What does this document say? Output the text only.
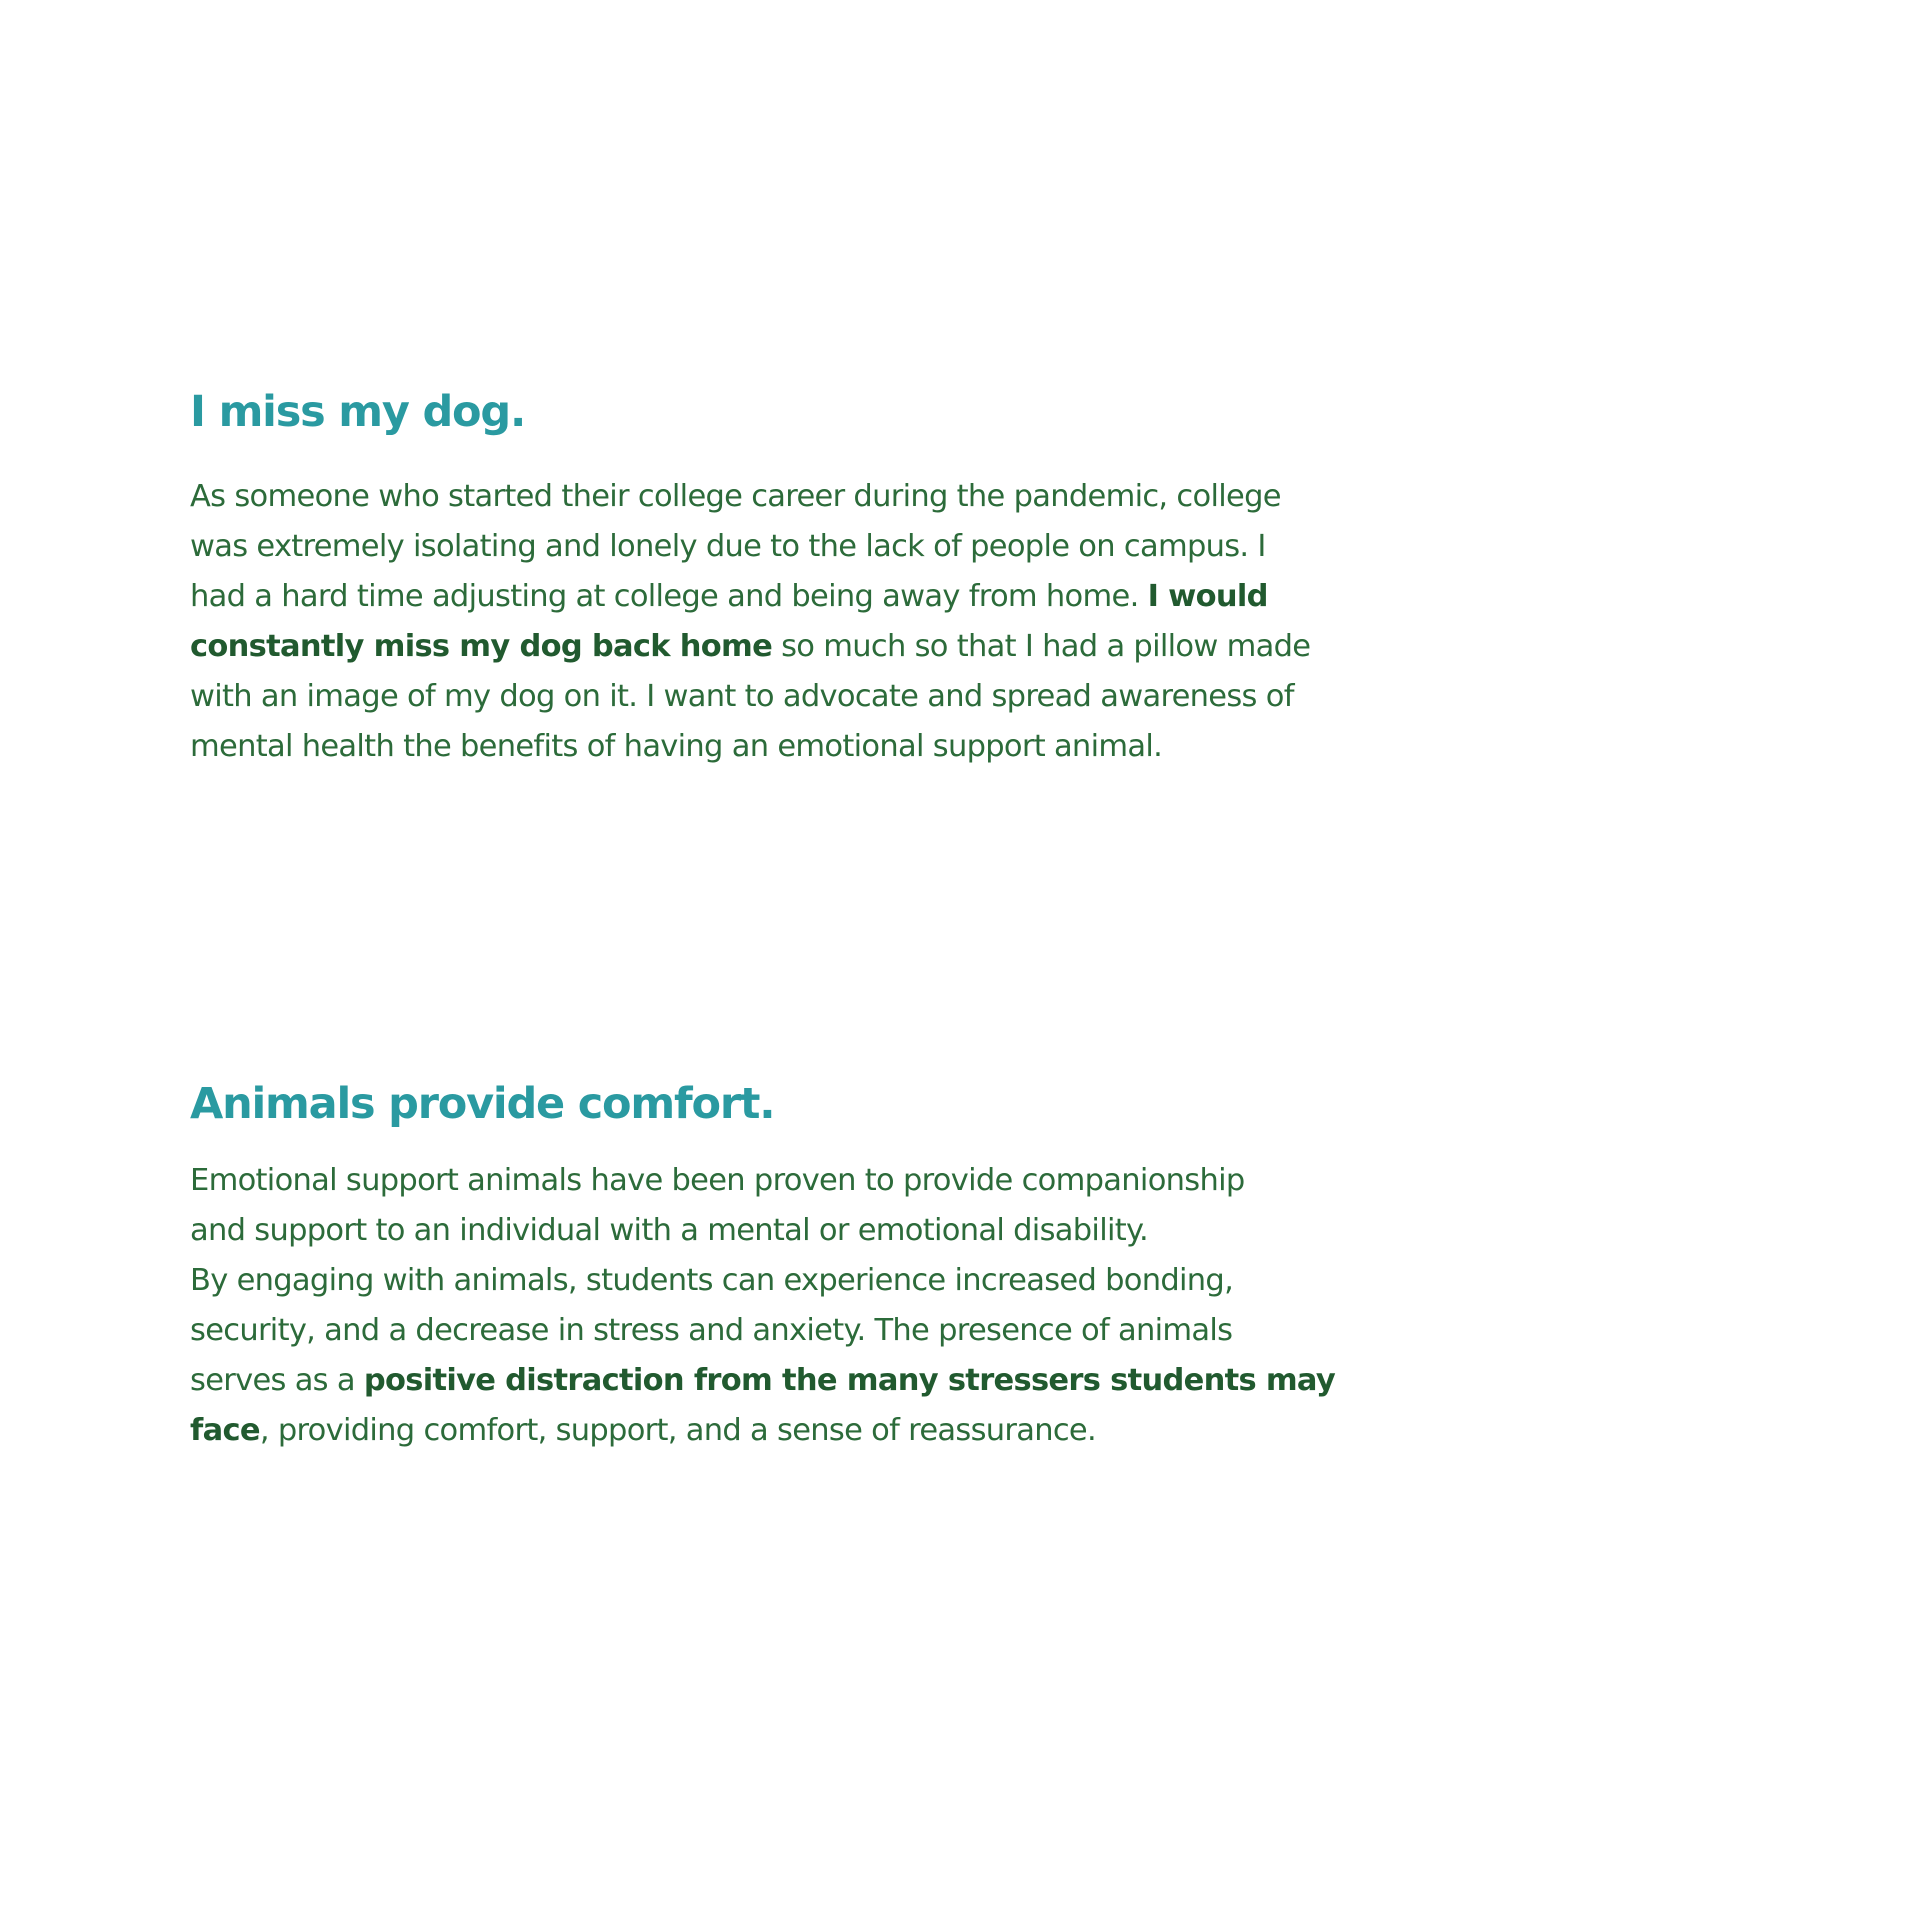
I miss my dog.

As someone who started their college career during the pandemic, college
was extremely isolating and lonely due to the lack of people on campus. I
had a hard time adjusting at college and being away from home. I would
constantly miss my dog back home so much so that I had a pillow made
with an image of my dog on it. I want to advocate and spread awareness of
mental health the benefits of having an emotional support animal.

Animals provide comfort.

Emotional support animals have been proven to provide companionship
and support to an individual with a mental or emotional disability.
By engaging with animals, students can experience increased bonding,
security, and a decrease in stress and anxiety. The presence of animals
serves as a positive distraction from the many stressers students may
face, providing comfort, support, and a sense of reassurance.
